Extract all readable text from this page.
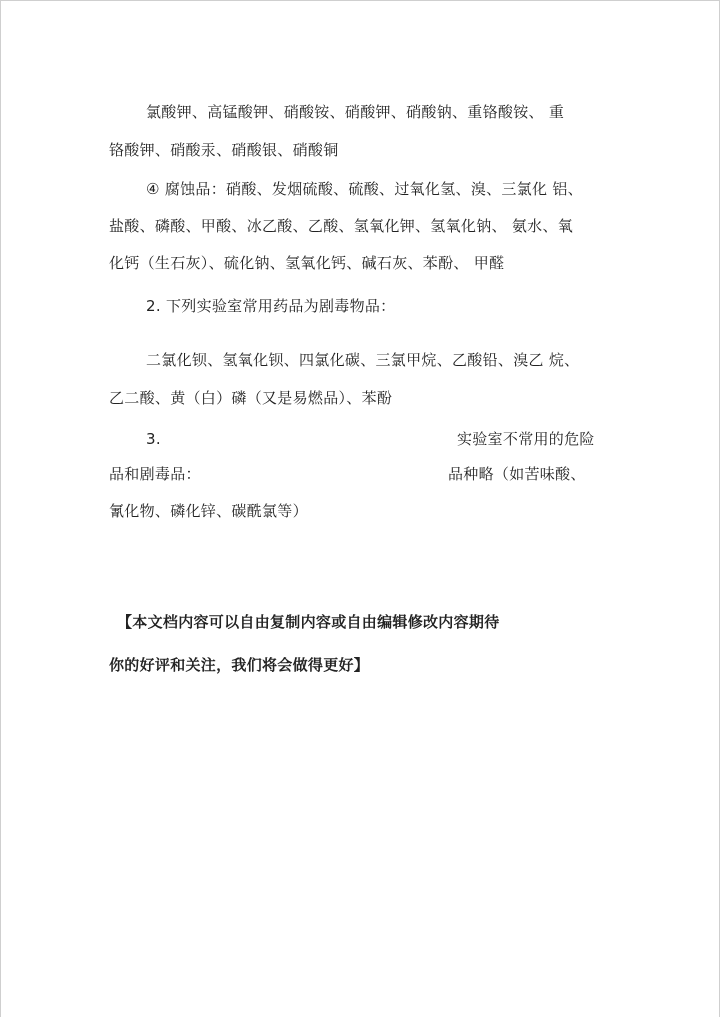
氯酸钾、高锰酸钾、硝酸铵、硝酸钾、硝酸钠、重铬酸铵、 重
铬酸钾、硝酸汞、硝酸银、硝酸铜
④ 腐蚀品：硝酸、发烟硫酸、硫酸、过氧化氢、溴、三氯化 铝、
盐酸、磷酸、甲酸、冰乙酸、乙酸、氢氧化钾、氢氧化钠、 氨水、氧
化钙（生石灰）、硫化钠、氢氧化钙、碱石灰、苯酚、 甲醛
2. 下列实验室常用药品为剧毒物品：
二氯化钡、氢氧化钡、四氯化碳、三氯甲烷、乙酸铅、溴乙 烷、
乙二酸、黄（白）磷（又是易燃品）、苯酚
3.	实验室不常用的危险
品和剧毒品：	品种略（如苦味酸、
氰化物、磷化锌、碳酰氯等）
【本文档内容可以自由复制内容或自由编辑修改内容期待
你的好评和关注，我们将会做得更好】
